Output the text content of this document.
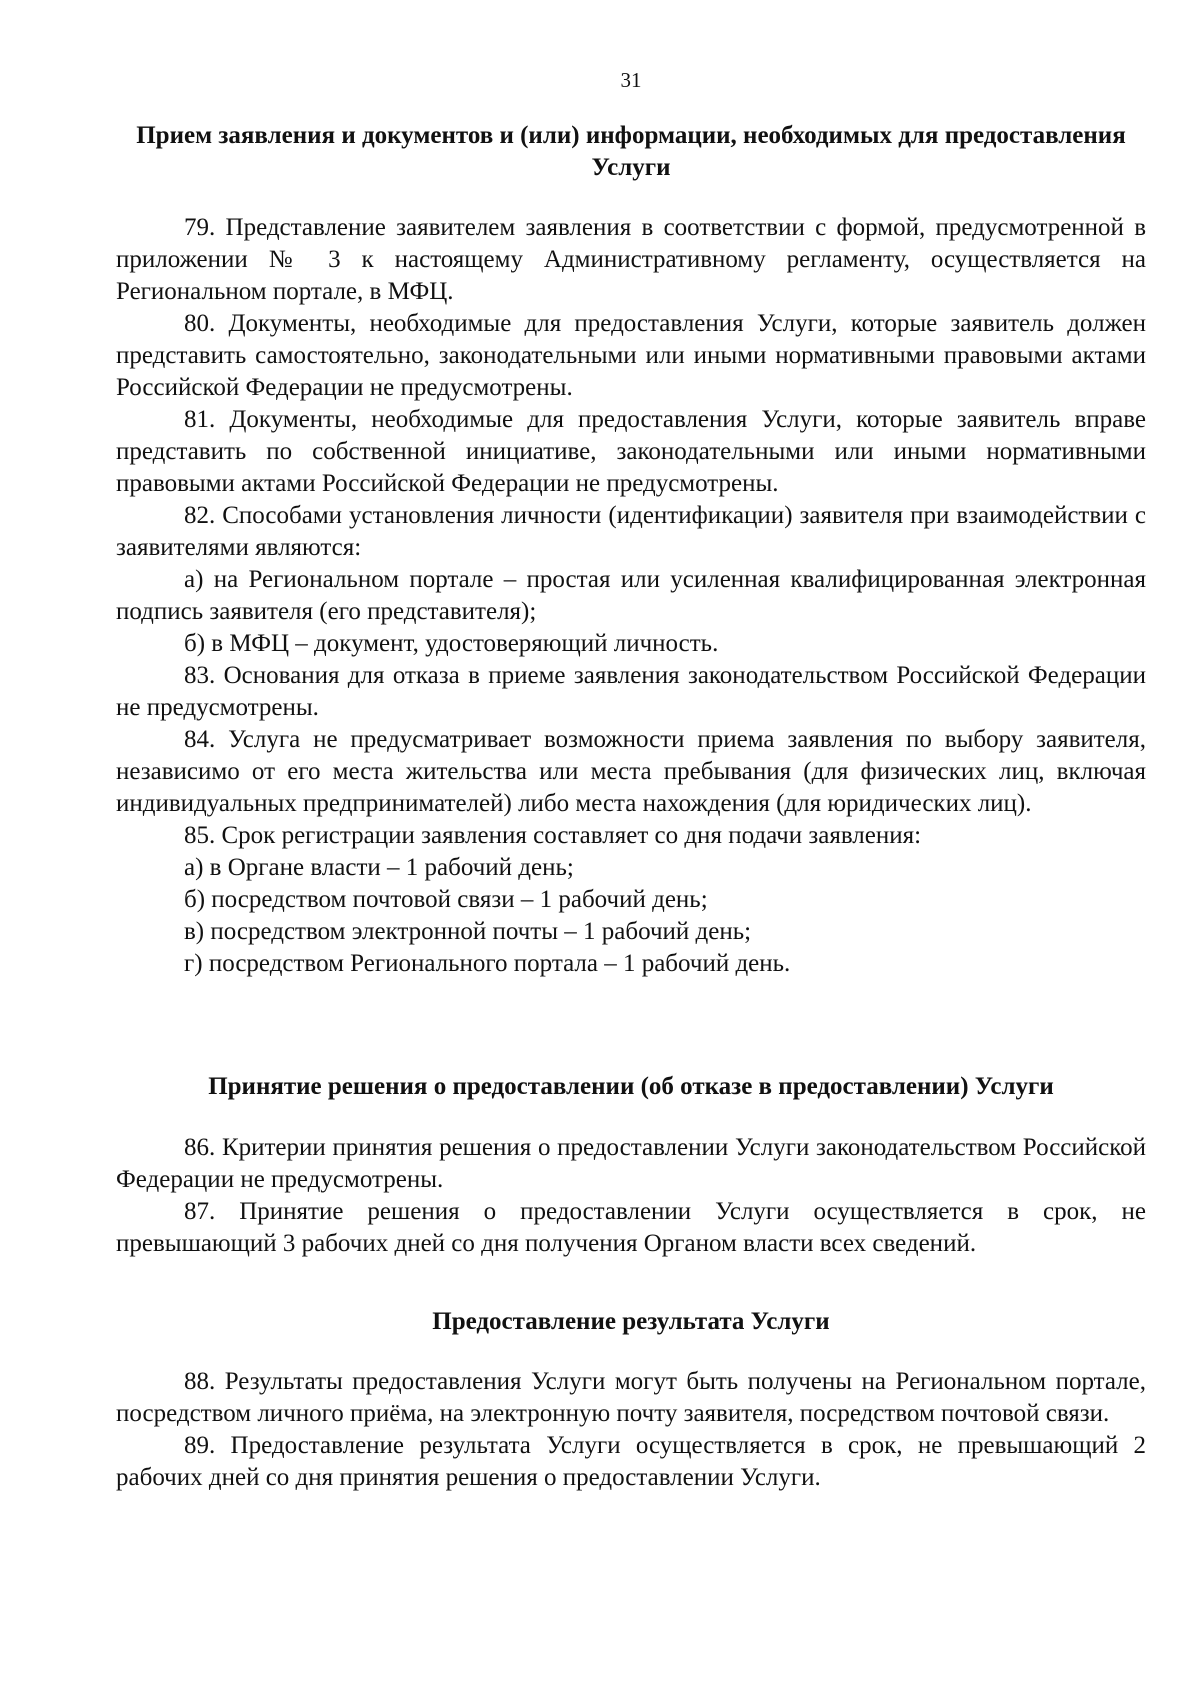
31

Прием заявления и документов и (или) информации, необходимых для предоставления Услуги

79. Представление заявителем заявления в соответствии с формой, предусмотренной в приложении № 3 к настоящему Административному регламенту, осуществляется на Региональном портале, в МФЦ.

80. Документы, необходимые для предоставления Услуги, которые заявитель должен представить самостоятельно, законодательными или иными нормативными правовыми актами Российской Федерации не предусмотрены.

81. Документы, необходимые для предоставления Услуги, которые заявитель вправе представить по собственной инициативе, законодательными или иными нормативными правовыми актами Российской Федерации не предусмотрены.

82. Способами установления личности (идентификации) заявителя при взаимодействии с заявителями являются:

а) на Региональном портале – простая или усиленная квалифицированная электронная подпись заявителя (его представителя);

б) в МФЦ – документ, удостоверяющий личность.

83. Основания для отказа в приеме заявления законодательством Российской Федерации не предусмотрены.

84. Услуга не предусматривает возможности приема заявления по выбору заявителя, независимо от его места жительства или места пребывания (для физических лиц, включая индивидуальных предпринимателей) либо места нахождения (для юридических лиц).

85. Срок регистрации заявления составляет со дня подачи заявления:

а) в Органе власти – 1 рабочий день;

б) посредством почтовой связи – 1 рабочий день;

в) посредством электронной почты – 1 рабочий день;

г) посредством Регионального портала – 1 рабочий день.

Принятие решения о предоставлении (об отказе в предоставлении) Услуги

86. Критерии принятия решения о предоставлении Услуги законодательством Российской Федерации не предусмотрены.

87. Принятие решения о предоставлении Услуги осуществляется в срок, не превышающий 3 рабочих дней со дня получения Органом власти всех сведений.

Предоставление результата Услуги

88. Результаты предоставления Услуги могут быть получены на Региональном портале, посредством личного приёма, на электронную почту заявителя, посредством почтовой связи.

89. Предоставление результата Услуги осуществляется в срок, не превышающий 2 рабочих дней со дня принятия решения о предоставлении Услуги.
